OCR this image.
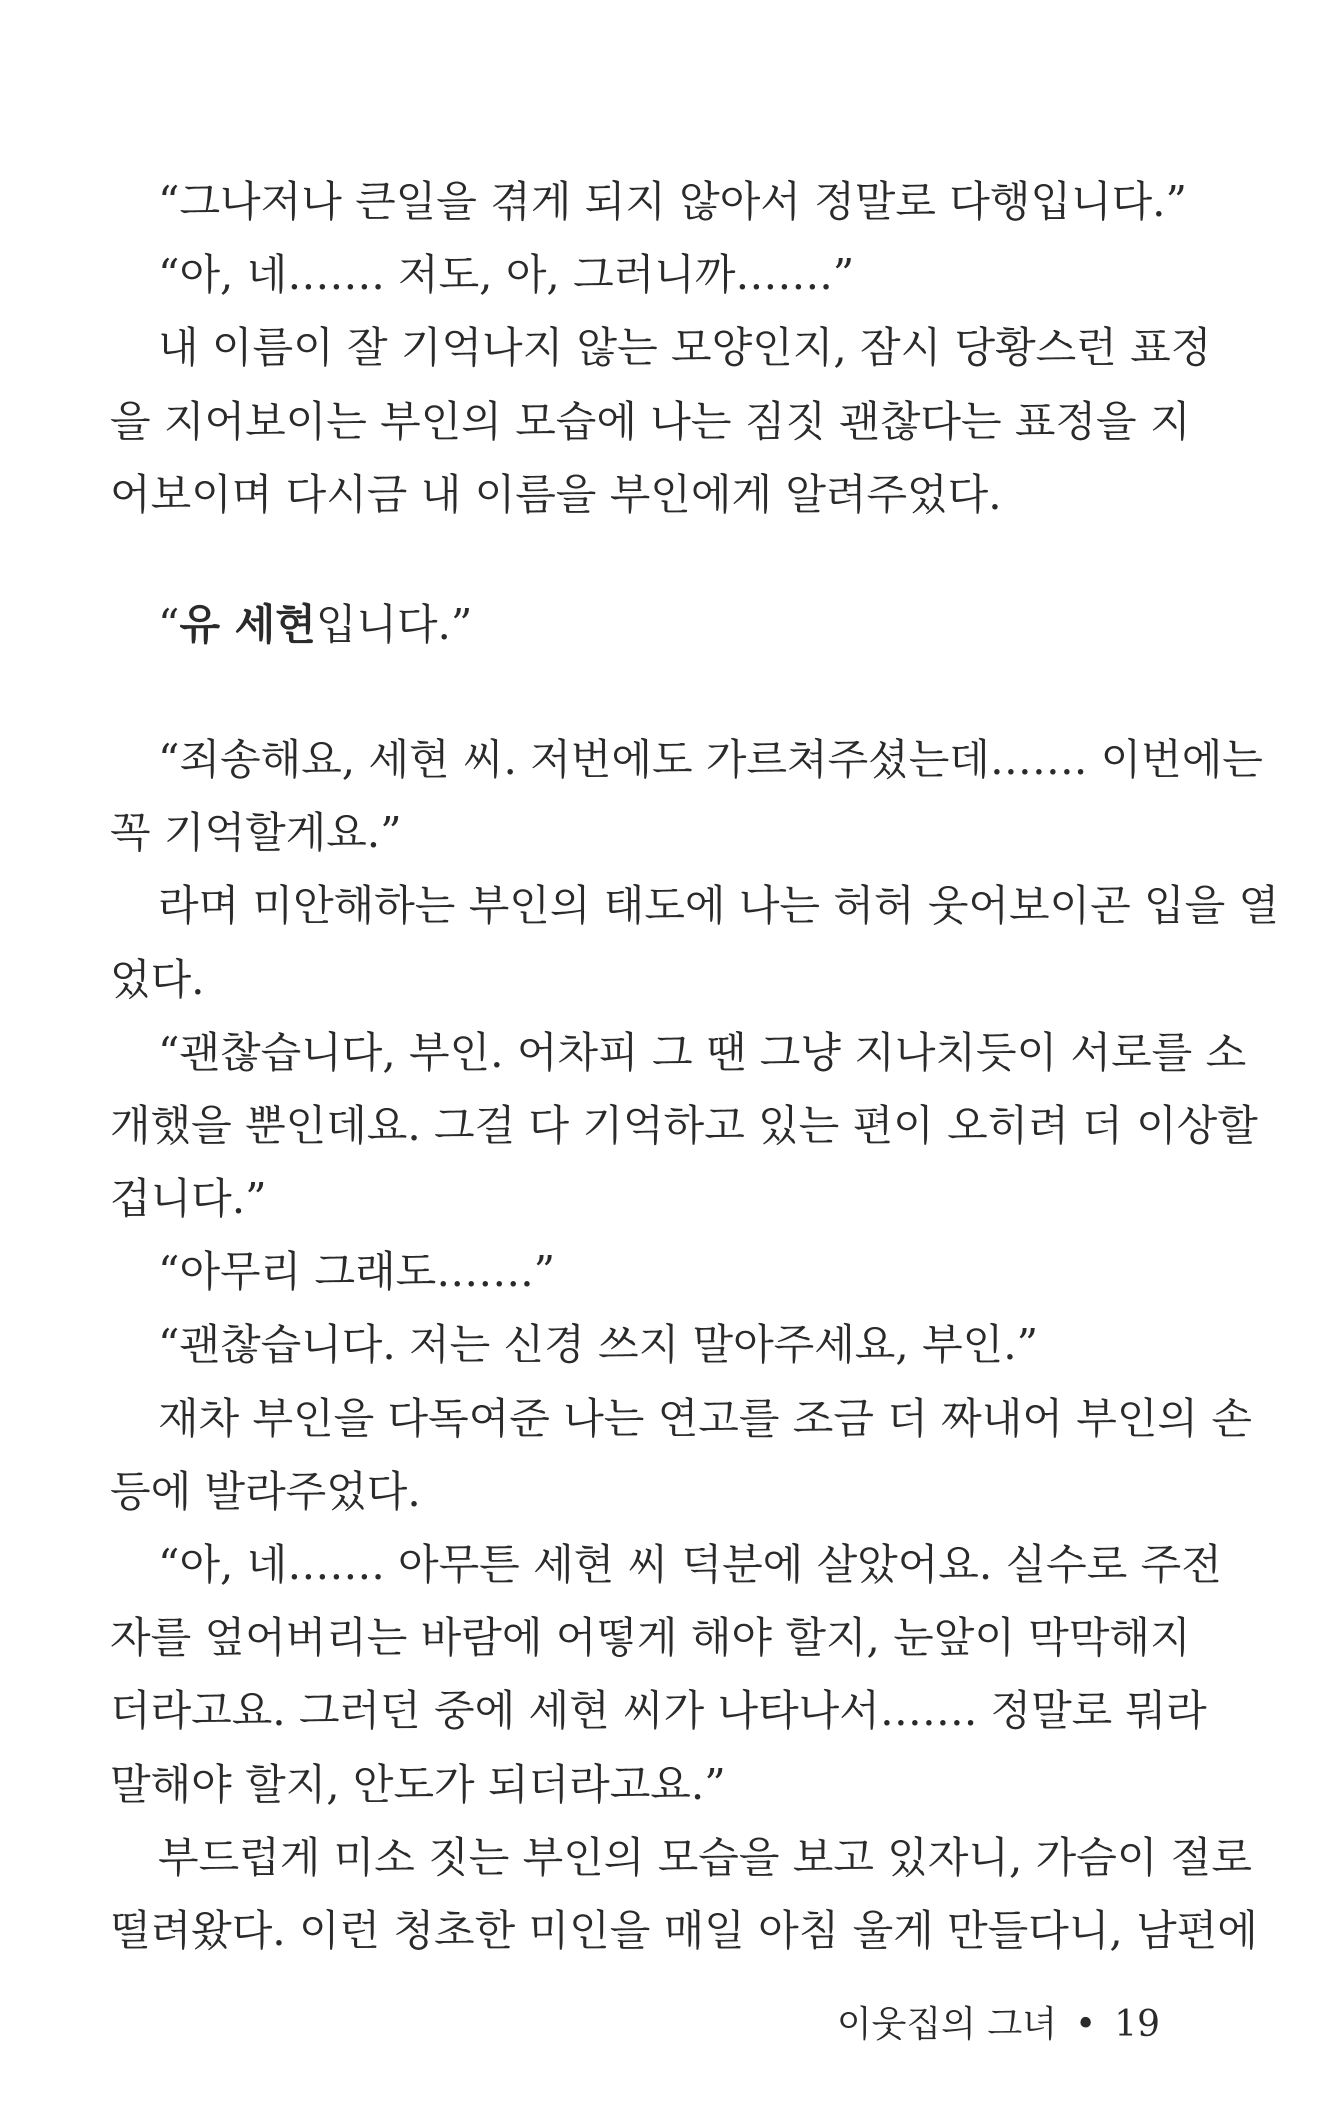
“그나저나 큰일을 겪게 되지 않아서 정말로 다행입니다.”
“아, 네……. 저도, 아, 그러니까…….”
내 이름이 잘 기억나지 않는 모양인지, 잠시 당황스런 표정
을 지어보이는 부인의 모습에 나는 짐짓 괜찮다는 표정을 지
어보이며 다시금 내 이름을 부인에게 알려주었다.
“유 세현입니다.”
“죄송해요, 세현 씨. 저번에도 가르쳐주셨는데……. 이번에는
꼭 기억할게요.”
라며 미안해하는 부인의 태도에 나는 허허 웃어보이곤 입을 열
었다.
“괜찮습니다, 부인. 어차피 그 땐 그냥 지나치듯이 서로를 소
개했을 뿐인데요. 그걸 다 기억하고 있는 편이 오히려 더 이상할
겁니다.”
“아무리 그래도…….”
“괜찮습니다. 저는 신경 쓰지 말아주세요, 부인.”
재차 부인을 다독여준 나는 연고를 조금 더 짜내어 부인의 손
등에 발라주었다.
“아, 네……. 아무튼 세현 씨 덕분에 살았어요. 실수로 주전
자를 엎어버리는 바람에 어떻게 해야 할지, 눈앞이 막막해지
더라고요. 그러던 중에 세현 씨가 나타나서……. 정말로 뭐라
말해야 할지, 안도가 되더라고요.”
부드럽게 미소 짓는 부인의 모습을 보고 있자니, 가슴이 절로
떨려왔다. 이런 청초한 미인을 매일 아침 울게 만들다니, 남편에
이웃집의 그녀 • 19
